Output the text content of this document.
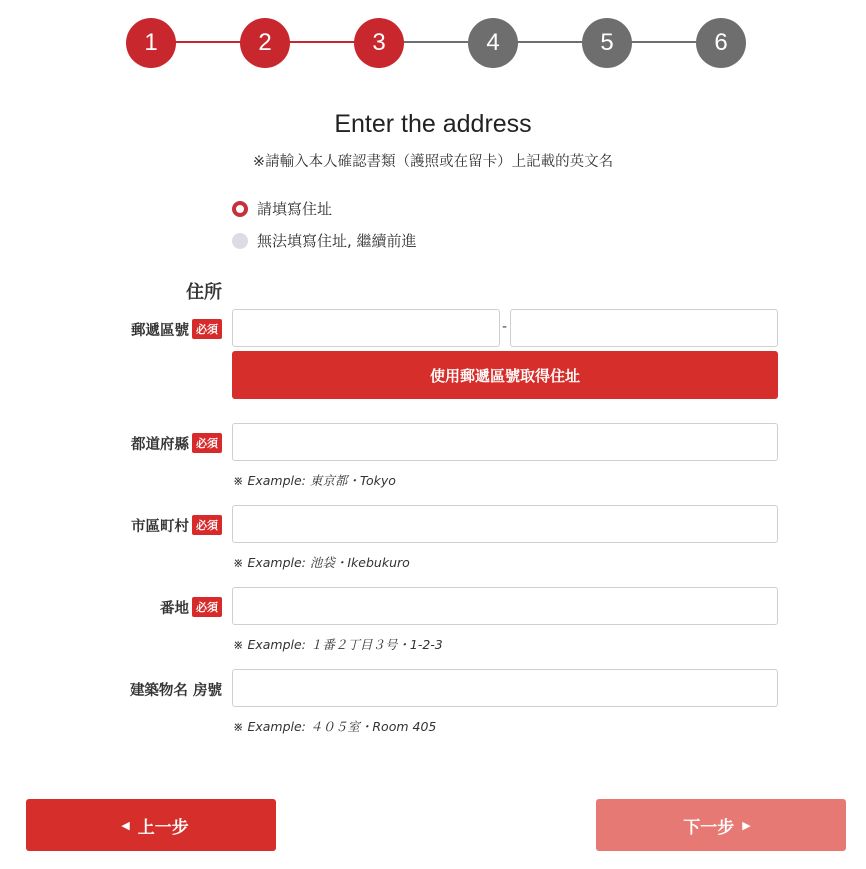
1	2	3	4	5	6
Enter the address
※請輸入本人確認書類（護照或在留卡）上記載的英文名
請填寫住址
無法填寫住址, 繼續前進
住所
郵遞區號 必須	-
使用郵遞區號取得住址
都道府縣 必須
※ Example: 東京都・Tokyo
市區町村 必須
※ Example: 池袋・Ikebukuro
番地 必須
※ Example: １番２丁目３号・1-2-3
建築物名 房號
※ Example: ４０５室・Room 405
◀ 上一步	下一步 ▶
